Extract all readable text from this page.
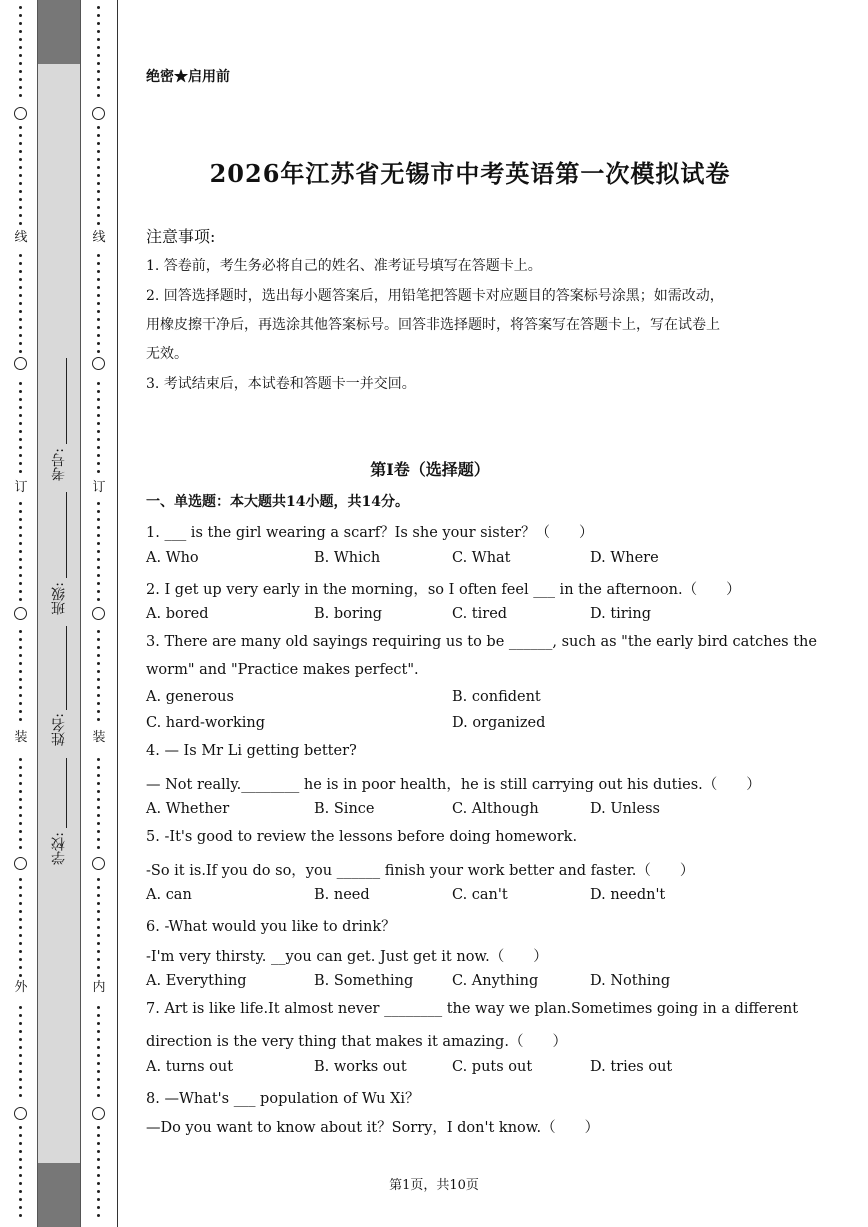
线
订
装
外
线
订
装
内
考号:
班级:
姓名:
学校:
绝密★启用前
2026年江苏省无锡市中考英语第一次模拟试卷
注意事项:
1. 答卷前，考生务必将自己的姓名、准考证号填写在答题卡上。
2. 回答选择题时，选出每小题答案后，用铅笔把答题卡对应题目的答案标号涂黑；如需改动，用橡皮擦干净后，再选涂其他答案标号。回答非选择题时，将答案写在答题卡上，写在试卷上无效。
3. 考试结束后，本试卷和答题卡一并交回。
第Ⅰ卷（选择题）
一、单选题：本大题共14小题，共14分。
1. ___ is the girl wearing a scarf？Is she your sister？（　　）
A. Who	B. Which	C. What	D. Where
2. I get up very early in the morning，so I often feel ___ in the afternoon.（　　）
A. bored	B. boring	C. tired	D. tiring
3. There are many old sayings requiring us to be ______, such as "the early bird catches the
worm" and "Practice makes perfect".
A. generous	B. confident
C. hard-working	D. organized
4. — Is Mr Li getting better?
— Not really.________ he is in poor health，he is still carrying out his duties.（　　）
A. Whether	B. Since	C. Although	D. Unless
5. -It's good to review the lessons before doing homework.
-So it is.If you do so，you ______ finish your work better and faster.（　　）
A. can	B. need	C. can't	D. needn't
6. -What would you like to drink？
-I'm very thirsty. __you can get. Just get it now.（　　）
A. Everything	B. Something	C. Anything	D. Nothing
7. Art is like life.It almost never ________ the way we plan.Sometimes going in a different
direction is the very thing that makes it amazing.（　　）
A. turns out	B. works out	C. puts out	D. tries out
8. —What's ___ population of Wu Xi？
—Do you want to know about it？Sorry，I don't know.（　　）
第1页，共10页
